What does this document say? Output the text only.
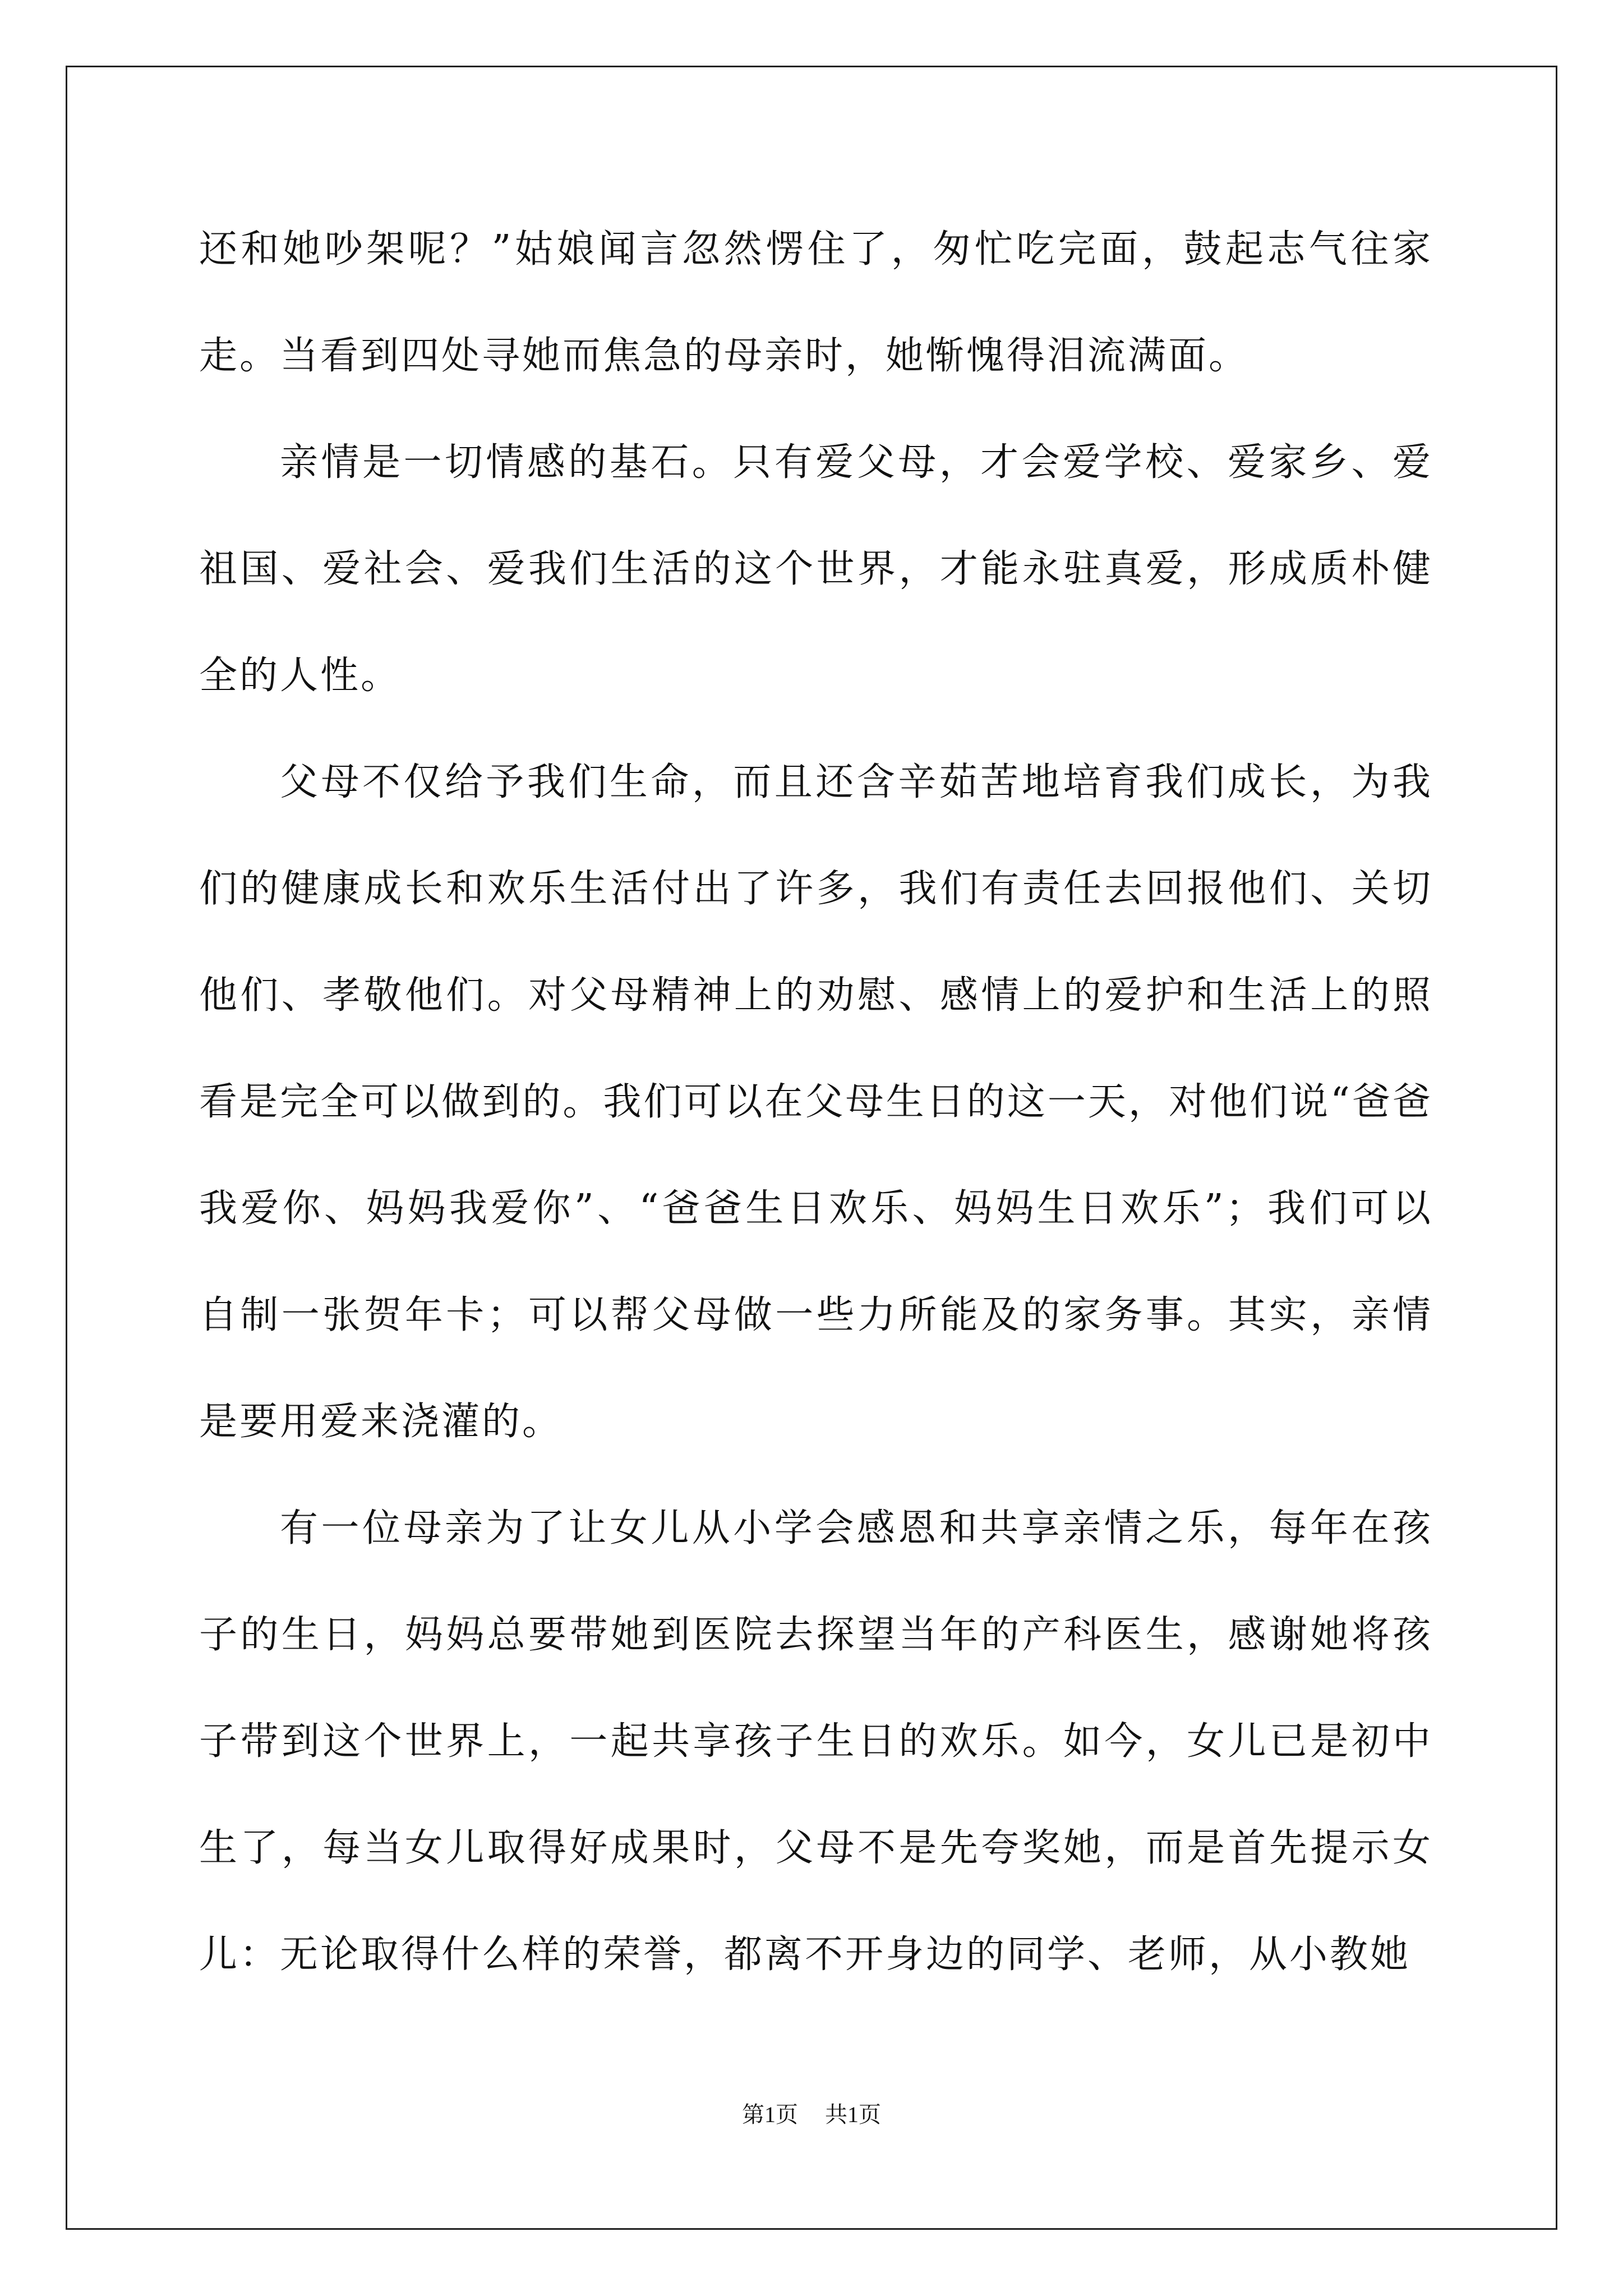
还和她吵架呢？”姑娘闻言忽然愣住了，匆忙吃完面，鼓起志气往家走。当看到四处寻她而焦急的母亲时，她惭愧得泪流满面。

亲情是一切情感的基石。只有爱父母，才会爱学校、爱家乡、爱祖国、爱社会、爱我们生活的这个世界，才能永驻真爱，形成质朴健全的人性。

父母不仅给予我们生命，而且还含辛茹苦地培育我们成长，为我们的健康成长和欢乐生活付出了许多，我们有责任去回报他们、关切他们、孝敬他们。对父母精神上的劝慰、感情上的爱护和生活上的照看是完全可以做到的。我们可以在父母生日的这一天，对他们说“爸爸我爱你、妈妈我爱你”、“爸爸生日欢乐、妈妈生日欢乐”；我们可以自制一张贺年卡；可以帮父母做一些力所能及的家务事。其实，亲情是要用爱来浇灌的。

有一位母亲为了让女儿从小学会感恩和共享亲情之乐，每年在孩子的生日，妈妈总要带她到医院去探望当年的产科医生，感谢她将孩子带到这个世界上，一起共享孩子生日的欢乐。如今，女儿已是初中生了，每当女儿取得好成果时，父母不是先夸奖她，而是首先提示女儿：无论取得什么样的荣誉，都离不开身边的同学、老师，从小教她

第1页 共1页
